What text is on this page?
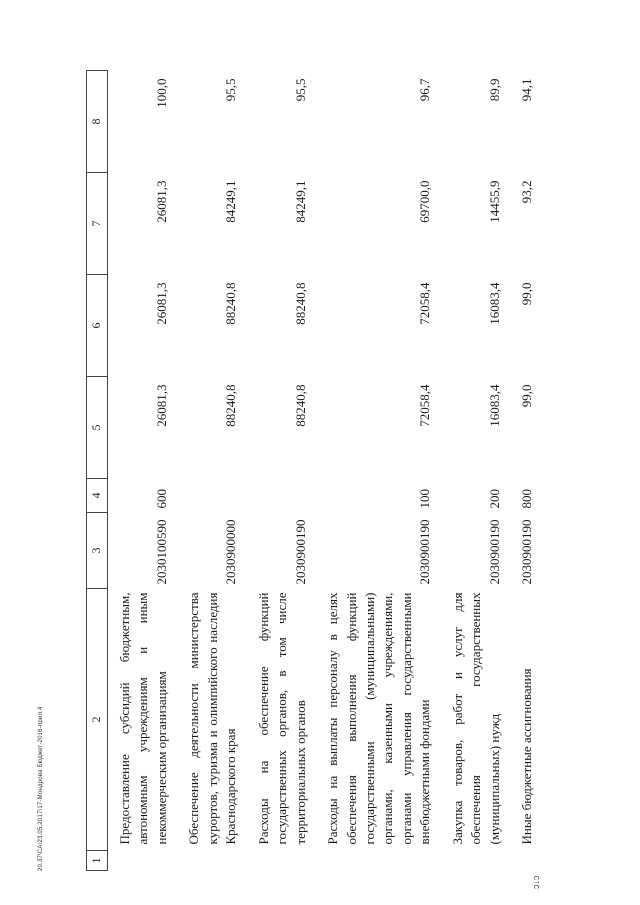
20.37\CA/23.05.2017\17-Мондрова Бюджет-2016-прил.4
ɔ↓ɔ
1	2	3	4	5	6	7	8
	Предоставление субсидий бюджетным, автономным учреждениям и иным некоммерческим организациям	2030100590	600	26081,3	26081,3	26081,3	100,0
	Обеспечение деятельности министерства курортов, туризма и олимпийского наследия Краснодарского края	2030900000		88240,8	88240,8	84249,1	95,5
	Расходы на обеспечение функций государственных органов, в том числе территориальных органов	2030900190		88240,8	88240,8	84249,1	95,5
	Расходы на выплаты персоналу в целях обеспечения выполнения функций государственными (муниципальными) органами, казенными учреждениями, органами управления государственными внебюджетными фондами	2030900190	100	72058,4	72058,4	69700,0	96,7
	Закупка товаров, работ и услуг для обеспечения государственных (муниципальных) нужд	2030900190	200	16083,4	16083,4	14455,9	89,9
	Иные бюджетные ассигнования	2030900190	800	99,0	99,0	93,2	94,1
